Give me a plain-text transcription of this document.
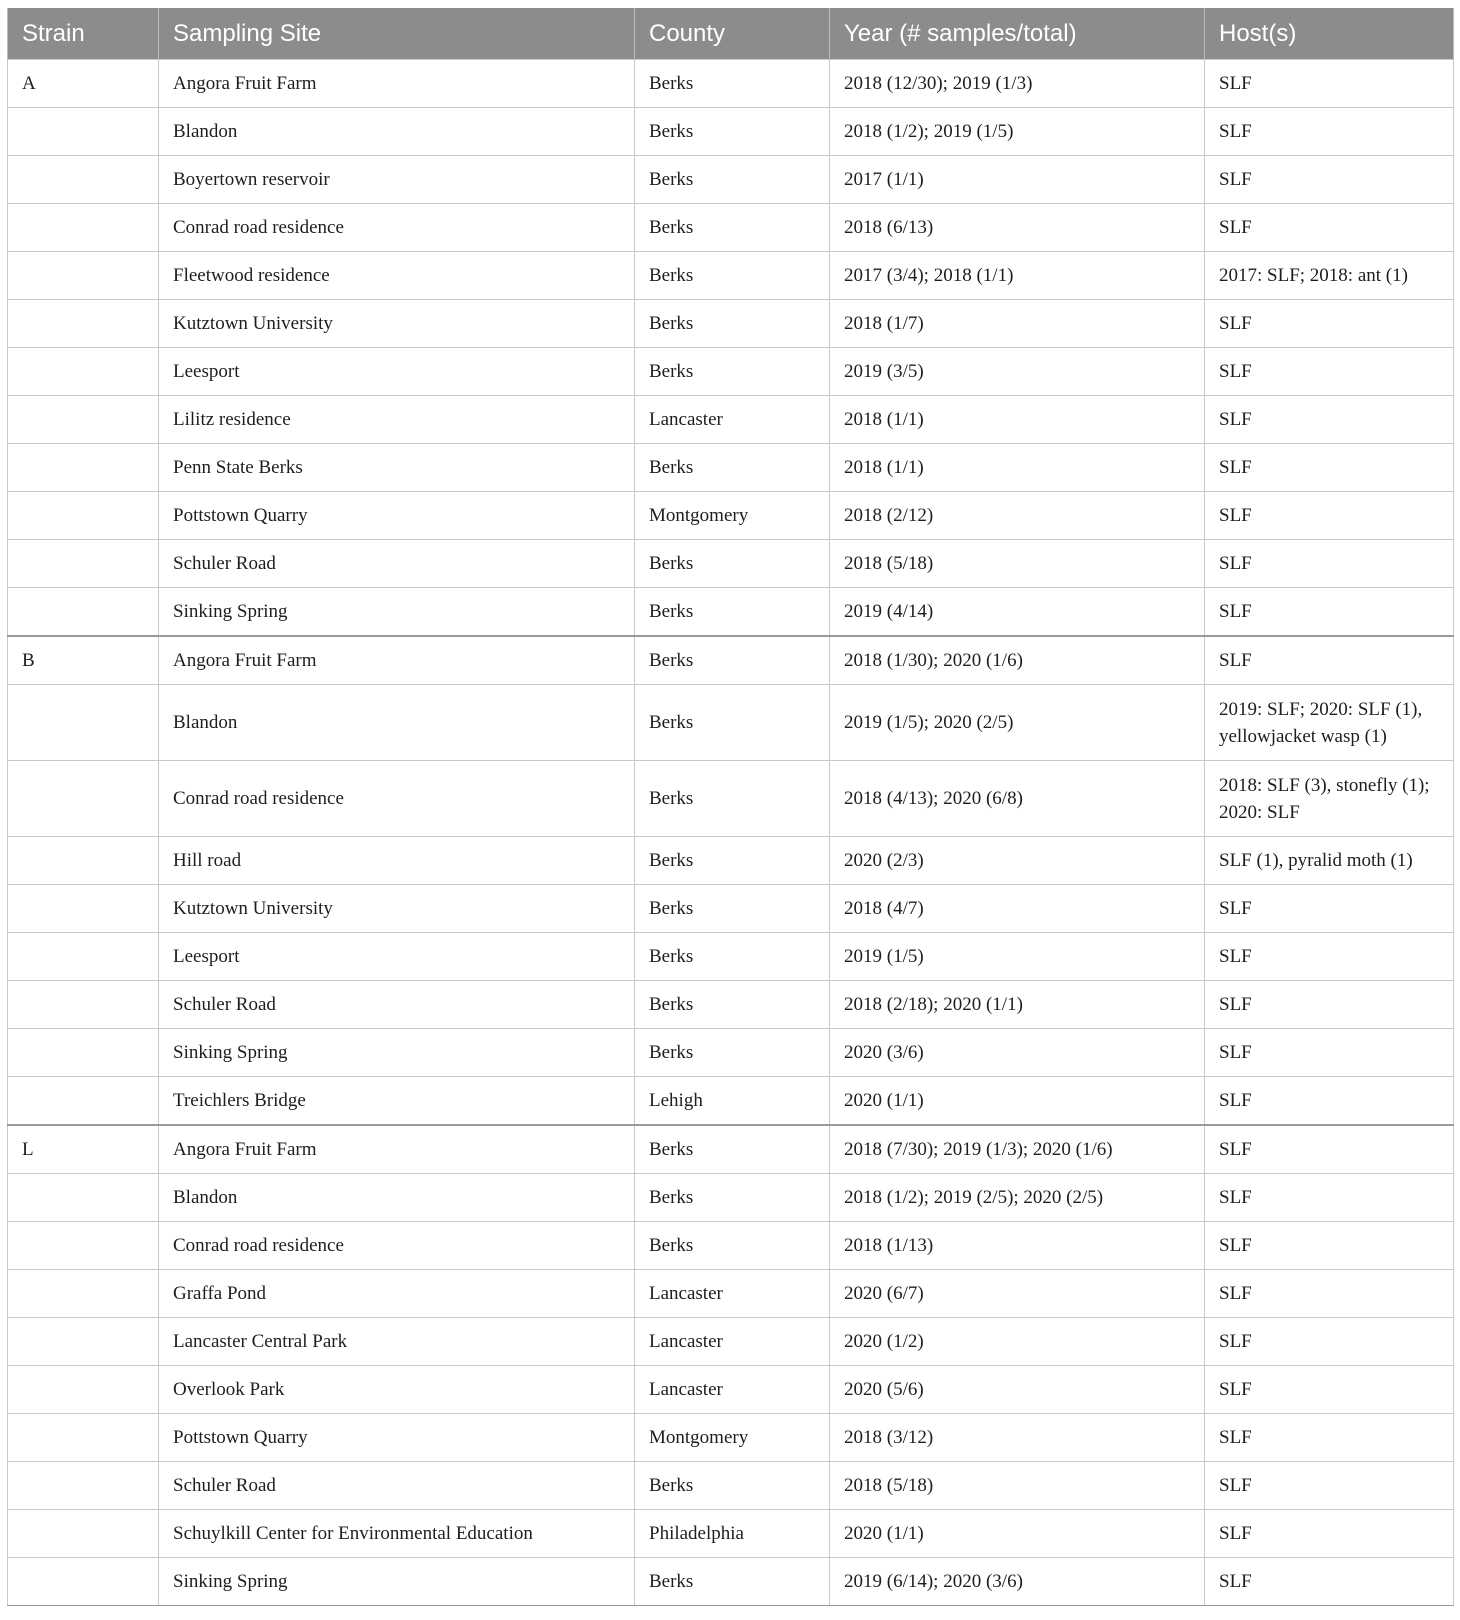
Strain	Sampling Site	County	Year (# samples/total)	Host(s)
A	Angora Fruit Farm	Berks	2018 (12/30); 2019 (1/3)	SLF
	Blandon	Berks	2018 (1/2); 2019 (1/5)	SLF
	Boyertown reservoir	Berks	2017 (1/1)	SLF
	Conrad road residence	Berks	2018 (6/13)	SLF
	Fleetwood residence	Berks	2017 (3/4); 2018 (1/1)	2017: SLF; 2018: ant (1)
	Kutztown University	Berks	2018 (1/7)	SLF
	Leesport	Berks	2019 (3/5)	SLF
	Lilitz residence	Lancaster	2018 (1/1)	SLF
	Penn State Berks	Berks	2018 (1/1)	SLF
	Pottstown Quarry	Montgomery	2018 (2/12)	SLF
	Schuler Road	Berks	2018 (5/18)	SLF
	Sinking Spring	Berks	2019 (4/14)	SLF
B	Angora Fruit Farm	Berks	2018 (1/30); 2020 (1/6)	SLF
	Blandon	Berks	2019 (1/5); 2020 (2/5)	2019: SLF; 2020: SLF (1), yellowjacket wasp (1)
	Conrad road residence	Berks	2018 (4/13); 2020 (6/8)	2018: SLF (3), stonefly (1); 2020: SLF
	Hill road	Berks	2020 (2/3)	SLF (1), pyralid moth (1)
	Kutztown University	Berks	2018 (4/7)	SLF
	Leesport	Berks	2019 (1/5)	SLF
	Schuler Road	Berks	2018 (2/18); 2020 (1/1)	SLF
	Sinking Spring	Berks	2020 (3/6)	SLF
	Treichlers Bridge	Lehigh	2020 (1/1)	SLF
L	Angora Fruit Farm	Berks	2018 (7/30); 2019 (1/3); 2020 (1/6)	SLF
	Blandon	Berks	2018 (1/2); 2019 (2/5); 2020 (2/5)	SLF
	Conrad road residence	Berks	2018 (1/13)	SLF
	Graffa Pond	Lancaster	2020 (6/7)	SLF
	Lancaster Central Park	Lancaster	2020 (1/2)	SLF
	Overlook Park	Lancaster	2020 (5/6)	SLF
	Pottstown Quarry	Montgomery	2018 (3/12)	SLF
	Schuler Road	Berks	2018 (5/18)	SLF
	Schuylkill Center for Environmental Education	Philadelphia	2020 (1/1)	SLF
	Sinking Spring	Berks	2019 (6/14); 2020 (3/6)	SLF
